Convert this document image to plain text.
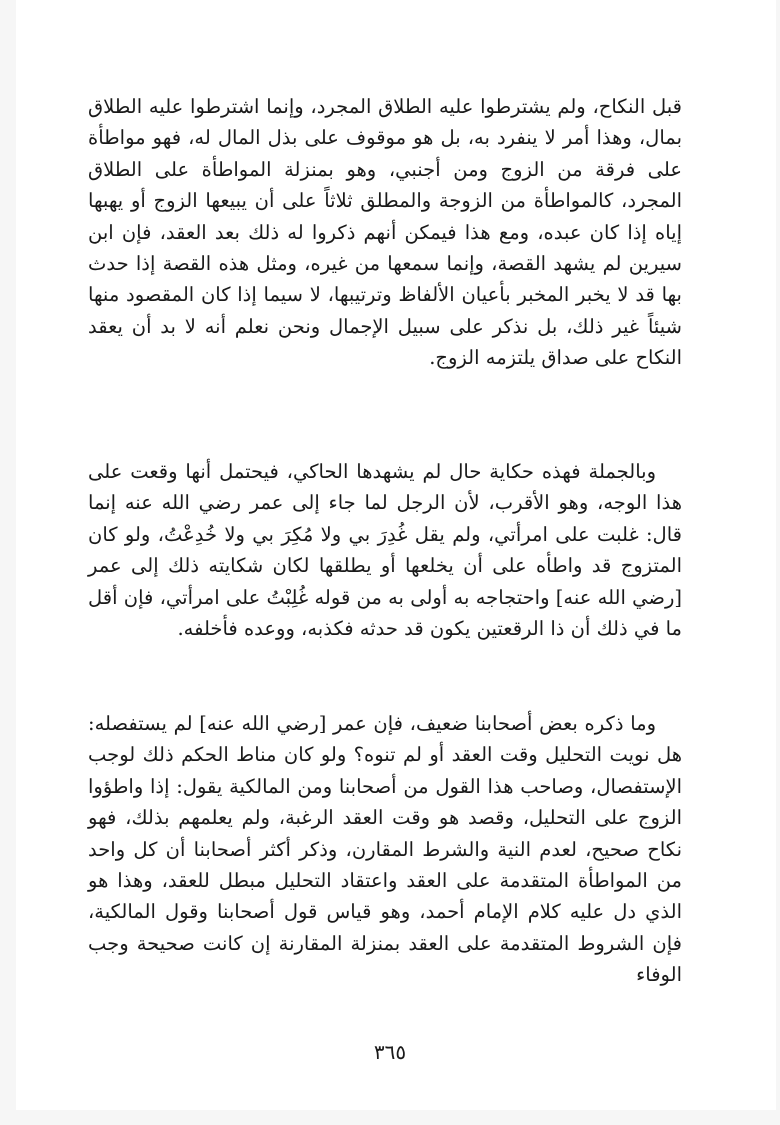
قبل النكاح، ولم يشترطوا عليه الطلاق المجرد، وإنما اشترطوا عليه الطلاق بمال، وهذا أمر لا ينفرد به، بل هو موقوف على بذل المال له، فهو مواطأة على فرقة من الزوج ومن أجنبي، وهو بمنزلة المواطأة على الطلاق المجرد، كالمواطأة من الزوجة والمطلق ثلاثاً على أن يبيعها الزوج أو يهبها إياه إذا كان عبده، ومع هذا فيمكن أنهم ذكروا له ذلك بعد العقد، فإن ابن سيرين لم يشهد القصة، وإنما سمعها من غيره، ومثل هذه القصة إذا حدث بها قد لا يخبر المخبر بأعيان الألفاظ وترتيبها، لا سيما إذا كان المقصود منها شيئاً غير ذلك، بل نذكر على سبيل الإجمال ونحن نعلم أنه لا بد أن يعقد النكاح على صداق يلتزمه الزوج.

وبالجملة فهذه حكاية حال لم يشهدها الحاكي، فيحتمل أنها وقعت على هذا الوجه، وهو الأقرب، لأن الرجل لما جاء إلى عمر رضي الله عنه إنما قال: غلبت على امرأتي، ولم يقل غُدِرَ بي ولا مُكِرَ بي ولا خُدِعْتُ، ولو كان المتزوج قد واطأه على أن يخلعها أو يطلقها لكان شكايته ذلك إلى عمر [رضي الله عنه] واحتجاجه به أولى به من قوله غُلِبْتُ على امرأتي، فإن أقل ما في ذلك أن ذا الرقعتين يكون قد حدثه فكذبه، ووعده فأخلفه.

وما ذكره بعض أصحابنا ضعيف، فإن عمر [رضي الله عنه] لم يستفصله: هل نويت التحليل وقت العقد أو لم تنوه؟ ولو كان مناط الحكم ذلك لوجب الإستفصال، وصاحب هذا القول من أصحابنا ومن المالكية يقول: إذا واطؤوا الزوج على التحليل، وقصد هو وقت العقد الرغبة، ولم يعلمهم بذلك، فهو نكاح صحيح، لعدم النية والشرط المقارن، وذكر أكثر أصحابنا أن كل واحد من المواطأة المتقدمة على العقد واعتقاد التحليل مبطل للعقد، وهذا هو الذي دل عليه كلام الإمام أحمد، وهو قياس قول أصحابنا وقول المالكية، فإن الشروط المتقدمة على العقد بمنزلة المقارنة إن كانت صحيحة وجب الوفاء

٣٦٥
